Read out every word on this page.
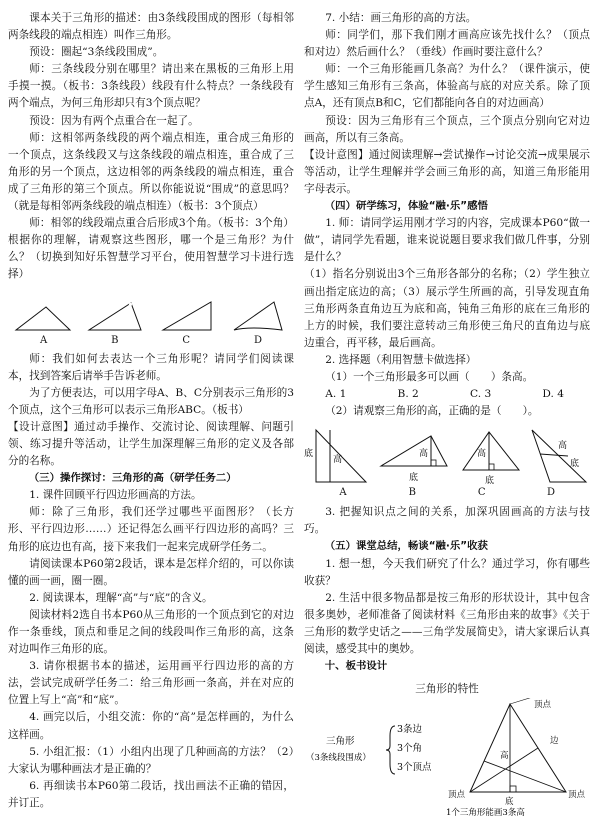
课本关于三角形的描述：由3条线段围成的图形（每相邻两条线段的端点相连）叫作三角形。

预设：圈起“3条线段围成”。

师：三条线段分别在哪里？请出来在黑板的三角形上用手摸一摸。（板书：3条线段）线段有什么特点？一条线段有两个端点，为何三角形却只有3个顶点呢？

预设：因为有两个点重合在一起了。

师：这相邻两条线段的两个端点相连，重合成三角形的一个顶点，这条线段又与这条线段的端点相连，重合成了三角形的另一个顶点，这边相邻的两条线段的端点相连，重合成了三角形的第三个顶点。所以你能说说“围成”的意思吗？（就是每相邻两条线段的端点相连）（板书：3个顶点）

师：相邻的线段端点重合后形成3个角。（板书：3个角）根据你的理解，请观察这些图形，哪一个是三角形？为什么？（切换到知好乐智慧学习平台，使用智慧学习卡进行选择）

A	B	C	D

师：我们如何去表达一个三角形呢？请同学们阅读课本，找到答案后请举手告诉老师。

为了方便表达，可以用字母A、B、C分别表示三角形的3个顶点，这个三角形可以表示三角形ABC。（板书）

【设计意图】通过动手操作、交流讨论、阅读理解、问题引领、练习提升等活动，让学生加深理解三角形的定义及各部分的名称。

（三）操作探讨：三角形的高（研学任务二）

1. 课件回顾平行四边形画高的方法。

师：除了三角形，我们还学过哪些平面图形？（长方形、平行四边形……）还记得怎么画平行四边形的高吗？三角形的底边也有高，接下来我们一起来完成研学任务二。

请阅读课本P60第2段话，课本是怎样介绍的，可以你读懂的画一画，圈一圈。

2. 阅读课本，理解“高”与“底”的含义。

阅读材料2选自书本P60从三角形的一个顶点到它的对边作一条垂线，顶点和垂足之间的线段叫作三角形的高，这条对边叫作三角形的底。

3. 请你根据书本的描述，运用画平行四边形的高的方法，尝试完成研学任务二：给三角形画一条高，并在对应的位置上写上“高”和“底”。

4. 画完以后，小组交流：你的“高”是怎样画的，为什么这样画。

5. 小组汇报：（1）小组内出现了几种画高的方法？（2）大家认为哪种画法才是正确的？

6. 再细读书本P60第二段话，找出画法不正确的错因，并订正。

7. 小结：画三角形的高的方法。

师：同学们，那下我们刚才画高应该先找什么？（顶点和对边）然后画什么？（垂线）作画时要注意什么？

师：一个三角形能画几条高？为什么？（课件演示，使学生感知三角形有三条高，体验高与底的对应关系。除了顶点A，还有顶点B和C，它们都能向各自的对边画高）

预设：因为三角形有三个顶点，三个顶点分别向它对边画高，所以有三条高。

【设计意图】通过阅读理解→尝试操作→讨论交流→成果展示等活动，让学生理解并学会画三角形的高，知道三角形能用字母表示。

（四）研学练习，体验“融·乐”感悟

1. 师：请同学运用刚才学习的内容，完成课本P60“做一做”，请同学先看题，谁来说说题目要求我们做几件事，分别是什么？

（1）指名分别说出3个三角形各部分的名称；（2）学生独立画出指定底边的高；（3）展示学生所画的高，引导发现直角三角形两条直角边互为底和高，钝角三角形的底在三角形的上方的时候，我们要注意转动三角形使三角尺的直角边与底边重合，再平移，最后画高。

2. 选择题（利用智慧卡做选择）

（1）一个三角形最多可以画（　　）条高。

A. 1	B. 2	C. 3	D. 4

（2）请观察三角形的高，正确的是（　　）。

底
高
高
底
高
底
高
底
A	B	C	D

3. 把握知识点之间的关系，加深巩固画高的方法与技巧。

（五）课堂总结，畅谈“融·乐”收获

1. 想一想，今天我们研究了什么？通过学习，你有哪些收获？

2. 生活中很多物品都是按三角形的形状设计，其中包含很多奥妙，老师准备了阅读材料《三角形由来的故事》《关于三角形的数学史话之——三角学发展简史》，请大家课后认真阅读，感受其中的奥妙。

十、板书设计

三角形的特性
三角形
（3条线段围成）
3条边
3个角
3个顶点
顶点
边
高
底
顶点	顶点
1个三角形能画3条高
